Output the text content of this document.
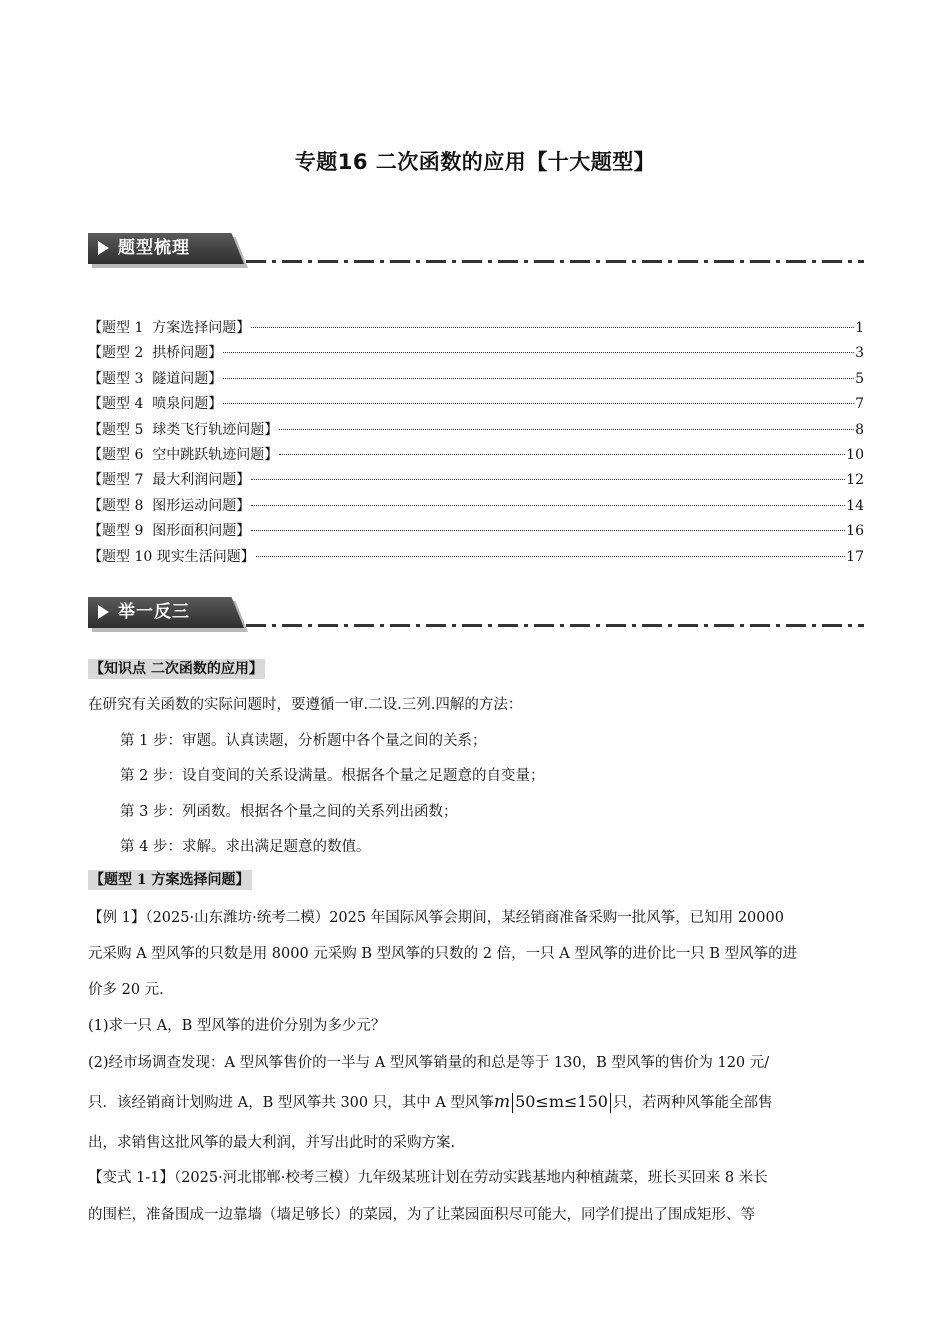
专题16 二次函数的应用【十大题型】
题型梳理
【题型 1  方案选择问题】	1
【题型 2  拱桥问题】	3
【题型 3  隧道问题】	5
【题型 4  喷泉问题】	7
【题型 5  球类飞行轨迹问题】	8
【题型 6  空中跳跃轨迹问题】	10
【题型 7  最大利润问题】	12
【题型 8  图形运动问题】	14
【题型 9  图形面积问题】	16
【题型 10 现实生活问题】	17
举一反三
【知识点 二次函数的应用】
在研究有关函数的实际问题时，要遵循一审.二设.三列.四解的方法：
第 1 步：审题。认真读题，分析题中各个量之间的关系；
第 2 步：设自变间的关系设满量。根据各个量之足题意的自变量；
第 3 步：列函数。根据各个量之间的关系列出函数；
第 4 步：求解。求出满足题意的数值。
【题型 1 方案选择问题】
【例 1】（2025·山东潍坊·统考二模）2025 年国际风筝会期间，某经销商准备采购一批风筝，已知用 20000
元采购 A 型风筝的只数是用 8000 元采购 B 型风筝的只数的 2 倍，一只 A 型风筝的进价比一只 B 型风筝的进
价多 20 元.
(1)求一只 A，B 型风筝的进价分别为多少元？
(2)经市场调查发现：A 型风筝售价的一半与 A 型风筝销量的和总是等于 130，B 型风筝的售价为 120 元/
只．该经销商计划购进 A，B 型风筝共 300 只，其中 A 型风筝m 50≤m≤150 只，若两种风筝能全部售
出，求销售这批风筝的最大利润，并写出此时的采购方案.
【变式 1-1】（2025·河北邯郸·校考三模）九年级某班计划在劳动实践基地内种植蔬菜，班长买回来 8 米长
的围栏，准备围成一边靠墙（墙足够长）的菜园，为了让菜园面积尽可能大，同学们提出了围成矩形、等
